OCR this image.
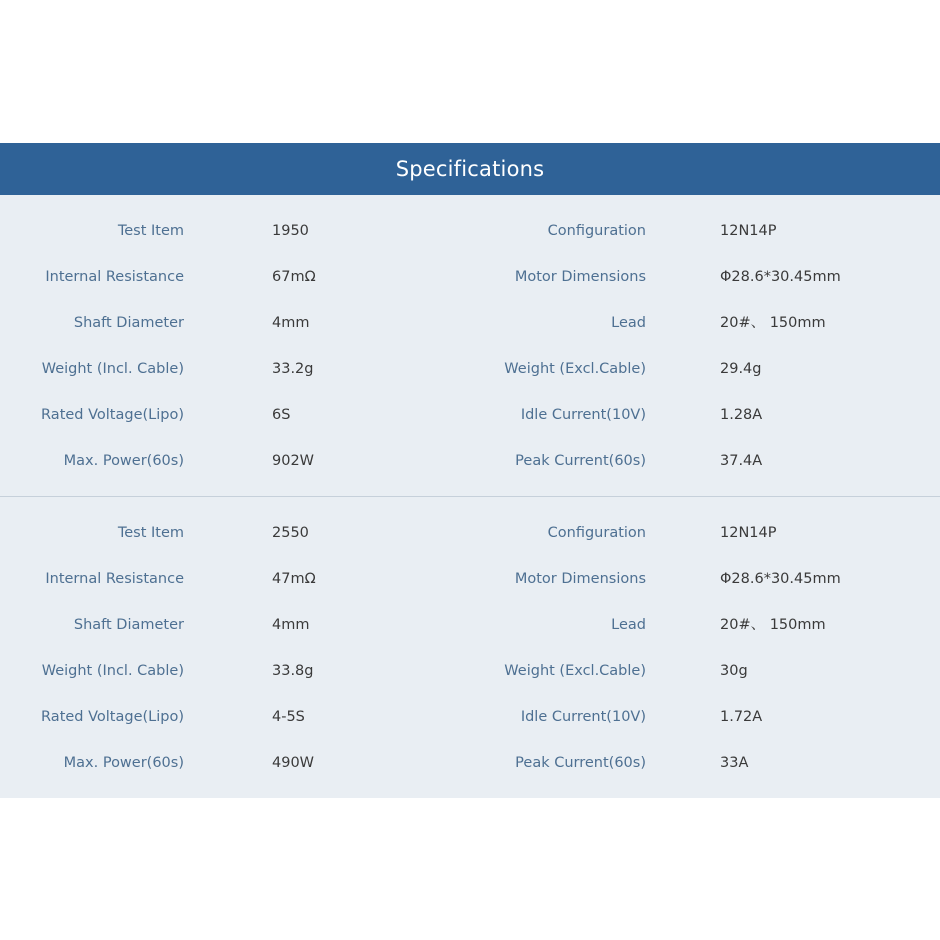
Specifications
Test Item	1950	Configuration	12N14P
Internal Resistance	67mΩ	Motor Dimensions	Φ28.6*30.45mm
Shaft Diameter	4mm	Lead	20#、 150mm
Weight (Incl. Cable)	33.2g	Weight (Excl.Cable)	29.4g
Rated Voltage(Lipo)	6S	Idle Current(10V)	1.28A
Max. Power(60s)	902W	Peak Current(60s)	37.4A
Test Item	2550	Configuration	12N14P
Internal Resistance	47mΩ	Motor Dimensions	Φ28.6*30.45mm
Shaft Diameter	4mm	Lead	20#、 150mm
Weight (Incl. Cable)	33.8g	Weight (Excl.Cable)	30g
Rated Voltage(Lipo)	4-5S	Idle Current(10V)	1.72A
Max. Power(60s)	490W	Peak Current(60s)	33A
